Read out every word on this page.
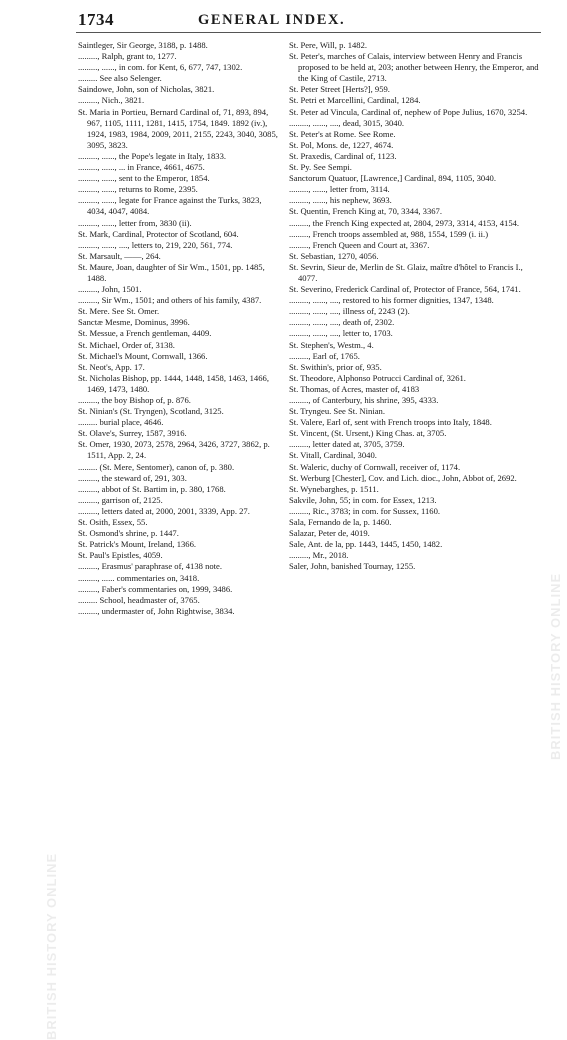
1734	GENERAL INDEX.
BRITISH HISTORY ONLINE
BRITISH HISTORY ONLINE

Saintleger, Sir George, 3188, p. 1488.

........., Ralph, grant to, 1277.

........., ......, in com. for Kent, 6, 677, 747, 1302.

......... See also Selenger.

Saindowe, John, son of Nicholas, 3821.

........., Nich., 3821.

St. Maria in Portieu, Bernard Cardinal of, 71, 893, 894, 967, 1105, 1111, 1281, 1415, 1754, 1849. 1892 (iv.), 1924, 1983, 1984, 2009, 2011, 2155, 2243, 3040, 3085, 3095, 3823.

........., ......, the Pope's legate in Italy, 1833.

........., ......, ... in France, 4661, 4675.

........., ......, sent to the Emperor, 1854.

........., ......, returns to Rome, 2395.

........., ......, legate for France against the Turks, 3823, 4034, 4047, 4084.

........., ......, letter from, 3830 (ii).

St. Mark, Cardinal, Protector of Scotland, 604.

........., ......, ...., letters to, 219, 220, 561, 774.

St. Marsault, ——, 264.

St. Maure, Joan, daughter of Sir Wm., 1501, pp. 1485, 1488.

........., John, 1501.

........., Sir Wm., 1501; and others of his family, 4387.

St. Mere. See St. Omer.

Sanctæ Mesme, Dominus, 3996.

St. Messue, a French gentleman, 4409.

St. Michael, Order of, 3138.

St. Michael's Mount, Cornwall, 1366.

St. Neot's, App. 17.

St. Nicholas Bishop, pp. 1444, 1448, 1458, 1463, 1466, 1469, 1473, 1480.

........., the boy Bishop of, p. 876.

St. Ninian's (St. Tryngen), Scotland, 3125.

......... burial place, 4646.

St. Olave's, Surrey, 1587, 3916.

St. Omer, 1930, 2073, 2578, 2964, 3426, 3727, 3862, p. 1511, App. 2, 24.

......... (St. Mere, Sentomer), canon of, p. 380.

........., the steward of, 291, 303.

........., abbot of St. Bartim in, p. 380, 1768.

........., garrison of, 2125.

........., letters dated at, 2000, 2001, 3339, App. 27.

St. Osith, Essex, 55.

St. Osmond's shrine, p. 1447.

St. Patrick's Mount, Ireland, 1366.

St. Paul's Epistles, 4059.

........., Erasmus' paraphrase of, 4138 note.

........., ...... commentaries on, 3418.

........., Faber's commentaries on, 1999, 3486.

......... School, headmaster of, 3765.

........., undermaster of, John Rightwise, 3834.

St. Pere, Will, p. 1482.

St. Peter's, marches of Calais, interview between Henry and Francis proposed to be held at, 203; another between Henry, the Emperor, and the King of Castile, 2713.

St. Peter Street [Herts?], 959.

St. Petri et Marcellini, Cardinal, 1284.

St. Peter ad Vincula, Cardinal of, nephew of Pope Julius, 1670, 3254.

........., ......, ...., dead, 3015, 3040.

St. Peter's at Rome. See Rome.

St. Pol, Mons. de, 1227, 4674.

St. Praxedis, Cardinal of, 1123.

St. Py. See Sempi.

Sanctorum Quatuor, [Lawrence,] Cardinal, 894, 1105, 3040.

........., ......, letter from, 3114.

........., ......, his nephew, 3693.

St. Quentin, French King at, 70, 3344, 3367.

........., the French King expected at, 2804, 2973, 3314, 4153, 4154.

........., French troops assembled at, 988, 1554, 1599 (i. ii.)

........., French Queen and Court at, 3367.

St. Sebastian, 1270, 4056.

St. Sevrin, Sieur de, Merlin de St. Glaiz, maître d'hôtel to Francis I., 4077.

St. Severino, Frederick Cardinal of, Protector of France, 564, 1741.

........., ......, ...., restored to his former dignities, 1347, 1348.

........., ......, ...., illness of, 2243 (2).

........., ......, ...., death of, 2302.

........., ......, ...., letter to, 1703.

St. Stephen's, Westm., 4.

........., Earl of, 1765.

St. Swithin's, prior of, 935.

St. Theodore, Alphonso Potrucci Cardinal of, 3261.

St. Thomas, of Acres, master of, 4183

........., of Canterbury, his shrine, 395, 4333.

St. Tryngeu. See St. Ninian.

St. Valere, Earl of, sent with French troops into Italy, 1848.

St. Vincent, (St. Ursent,) King Chas. at, 3705.

........., letter dated at, 3705, 3759.

St. Vitall, Cardinal, 3040.

St. Waleric, duchy of Cornwall, receiver of, 1174.

St. Werburg [Chester], Cov. and Lich. dioc., John, Abbot of, 2692.

St. Wynebarghes, p. 1511.

Sakvile, John, 55; in com. for Essex, 1213.

........., Ric., 3783; in com. for Sussex, 1160.

Sala, Fernando de la, p. 1460.

Salazar, Peter de, 4019.

Sale, Ant. de la, pp. 1443, 1445, 1450, 1482.

........., Mr., 2018.

Saler, John, banished Tournay, 1255.
